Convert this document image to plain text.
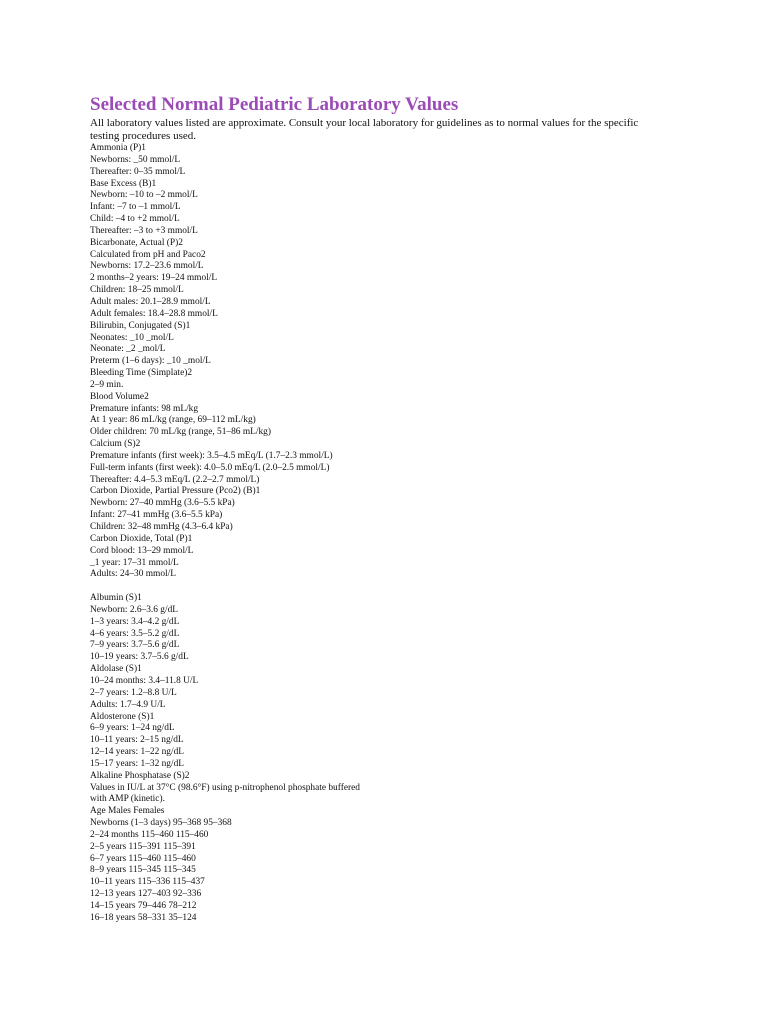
Selected Normal Pediatric Laboratory Values
All laboratory values listed are approximate. Consult your local laboratory for guidelines as to normal values for the specific testing procedures used.
Ammonia (P)1
Newborns: _50 mmol/L
Thereafter: 0–35 mmol/L
Base Excess (B)1
Newborn: –10 to –2 mmol/L
Infant: –7 to –1 mmol/L
Child: –4 to +2 mmol/L
Thereafter: –3 to +3 mmol/L
Bicarbonate, Actual (P)2
Calculated from pH and Paco2
Newborns: 17.2–23.6 mmol/L
2 months–2 years: 19–24 mmol/L
Children: 18–25 mmol/L
Adult males: 20.1–28.9 mmol/L
Adult females: 18.4–28.8 mmol/L
Bilirubin, Conjugated (S)1
Neonates: _10 _mol/L
Neonate: _2 _mol/L
Preterm (1–6 days): _10 _mol/L
Bleeding Time (Simplate)2
2–9 min.
Blood Volume2
Premature infants: 98 mL/kg
At 1 year: 86 mL/kg (range, 69–112 mL/kg)
Older children: 70 mL/kg (range, 51–86 mL/kg)
Calcium (S)2
Premature infants (first week): 3.5–4.5 mEq/L (1.7–2.3 mmol/L)
Full-term infants (first week): 4.0–5.0 mEq/L (2.0–2.5 mmol/L)
Thereafter: 4.4–5.3 mEq/L (2.2–2.7 mmol/L)
Carbon Dioxide, Partial Pressure (Pco2) (B)1
Newborn: 27–40 mmHg (3.6–5.5 kPa)
Infant: 27–41 mmHg (3.6–5.5 kPa)
Children: 32–48 mmHg (4.3–6.4 kPa)
Carbon Dioxide, Total (P)1
Cord blood: 13–29 mmol/L
_1 year: 17–31 mmol/L
Adults: 24–30 mmol/L
Albumin (S)1
Newborn: 2.6–3.6 g/dL
1–3 years: 3.4–4.2 g/dL
4–6 years: 3.5–5.2 g/dL
7–9 years: 3.7–5.6 g/dL
10–19 years: 3.7–5.6 g/dL
Aldolase (S)1
10–24 months: 3.4–11.8 U/L
2–7 years: 1.2–8.8 U/L
Adults: 1.7–4.9 U/L
Aldosterone (S)1
6–9 years: 1–24 ng/dL
10–11 years: 2–15 ng/dL
12–14 years: 1–22 ng/dL
15–17 years: 1–32 ng/dL
Alkaline Phosphatase (S)2
Values in IU/L at 37°C (98.6°F) using p-nitrophenol phosphate buffered
with AMP (kinetic).
Age Males Females
Newborns (1–3 days) 95–368 95–368
2–24 months 115–460 115–460
2–5 years 115–391 115–391
6–7 years 115–460 115–460
8–9 years 115–345 115–345
10–11 years 115–336 115–437
12–13 years 127–403 92–336
14–15 years 79–446 78–212
16–18 years 58–331 35–124
